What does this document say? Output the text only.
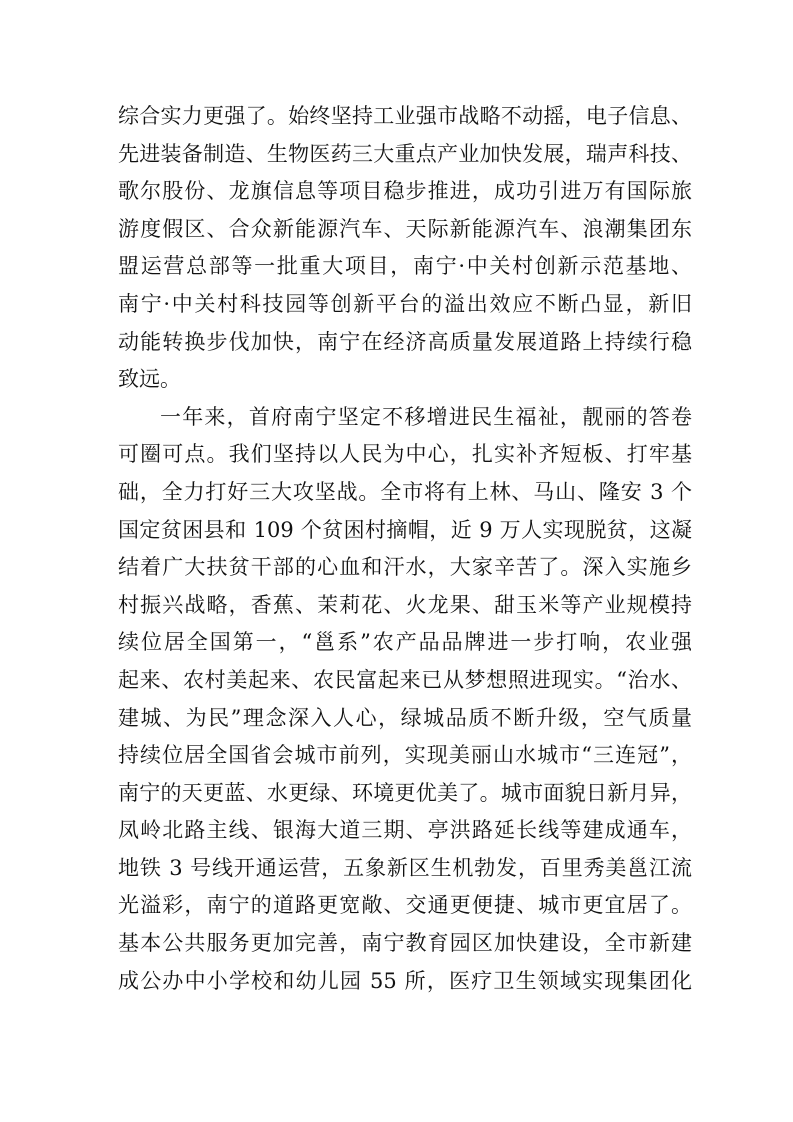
综合实力更强了。始终坚持工业强市战略不动摇，电子信息、
先进装备制造、生物医药三大重点产业加快发展，瑞声科技、
歌尔股份、龙旗信息等项目稳步推进，成功引进万有国际旅
游度假区、合众新能源汽车、天际新能源汽车、浪潮集团东
盟运营总部等一批重大项目，南宁·中关村创新示范基地、
南宁·中关村科技园等创新平台的溢出效应不断凸显，新旧
动能转换步伐加快，南宁在经济高质量发展道路上持续行稳
致远。
一年来，首府南宁坚定不移增进民生福祉，靓丽的答卷
可圈可点。我们坚持以人民为中心，扎实补齐短板、打牢基
础，全力打好三大攻坚战。全市将有上林、马山、隆安 3 个
国定贫困县和 109 个贫困村摘帽，近 9 万人实现脱贫，这凝
结着广大扶贫干部的心血和汗水，大家辛苦了。深入实施乡
村振兴战略，香蕉、茉莉花、火龙果、甜玉米等产业规模持
续位居全国第一，“邕系”农产品品牌进一步打响，农业强
起来、农村美起来、农民富起来已从梦想照进现实。“治水、
建城、为民”理念深入人心，绿城品质不断升级，空气质量
持续位居全国省会城市前列，实现美丽山水城市“三连冠”，
南宁的天更蓝、水更绿、环境更优美了。城市面貌日新月异，
凤岭北路主线、银海大道三期、亭洪路延长线等建成通车，
地铁 3 号线开通运营，五象新区生机勃发，百里秀美邕江流
光溢彩，南宁的道路更宽敞、交通更便捷、城市更宜居了。
基本公共服务更加完善，南宁教育园区加快建设，全市新建
成公办中小学校和幼儿园 55 所，医疗卫生领域实现集团化
